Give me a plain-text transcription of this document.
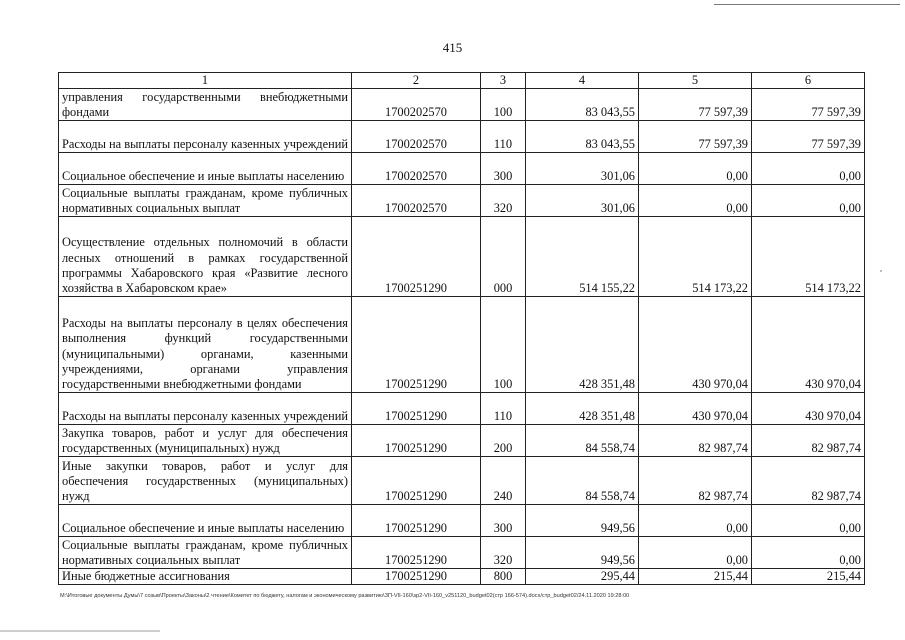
415
1	2	3	4	5	6
управления государственными внебюджетными фондами	1700202570	100	83 043,55	77 597,39	77 597,39
Расходы на выплаты персоналу казенных учреждений	1700202570	110	83 043,55	77 597,39	77 597,39
Социальное обеспечение и иные выплаты населению	1700202570	300	301,06	0,00	0,00
Социальные выплаты гражданам, кроме публичных нормативных социальных выплат	1700202570	320	301,06	0,00	0,00
Осуществление отдельных полномочий в области лесных отношений в рамках государственной программы Хабаровского края «Развитие лесного хозяйства в Хабаровском крае»	1700251290	000	514 155,22	514 173,22	514 173,22
Расходы на выплаты персоналу в целях обеспечения выполнения функций государственными (муниципальными) органами, казенными учреждениями, органами управления государственными внебюджетными фондами	1700251290	100	428 351,48	430 970,04	430 970,04
Расходы на выплаты персоналу казенных учреждений	1700251290	110	428 351,48	430 970,04	430 970,04
Закупка товаров, работ и услуг для обеспечения государственных (муниципальных) нужд	1700251290	200	84 558,74	82 987,74	82 987,74
Иные закупки товаров, работ и услуг для обеспечения государственных (муниципальных) нужд	1700251290	240	84 558,74	82 987,74	82 987,74
Социальное обеспечение и иные выплаты населению	1700251290	300	949,56	0,00	0,00
Социальные выплаты гражданам, кроме публичных нормативных социальных выплат	1700251290	320	949,56	0,00	0,00
Иные бюджетные ассигнования	1700251290	800	295,44	215,44	215,44
M:\Итоговые документы Думы\7 созыв\Проекты\Законы\2 чтение\Комитет по бюджету, налогам и экономическому развитию\ЗП-VII-160\зр2-VII-160_v251120_budget02(стр 166-574).docx/стр_budget02/24.11.2020 19:28:00
